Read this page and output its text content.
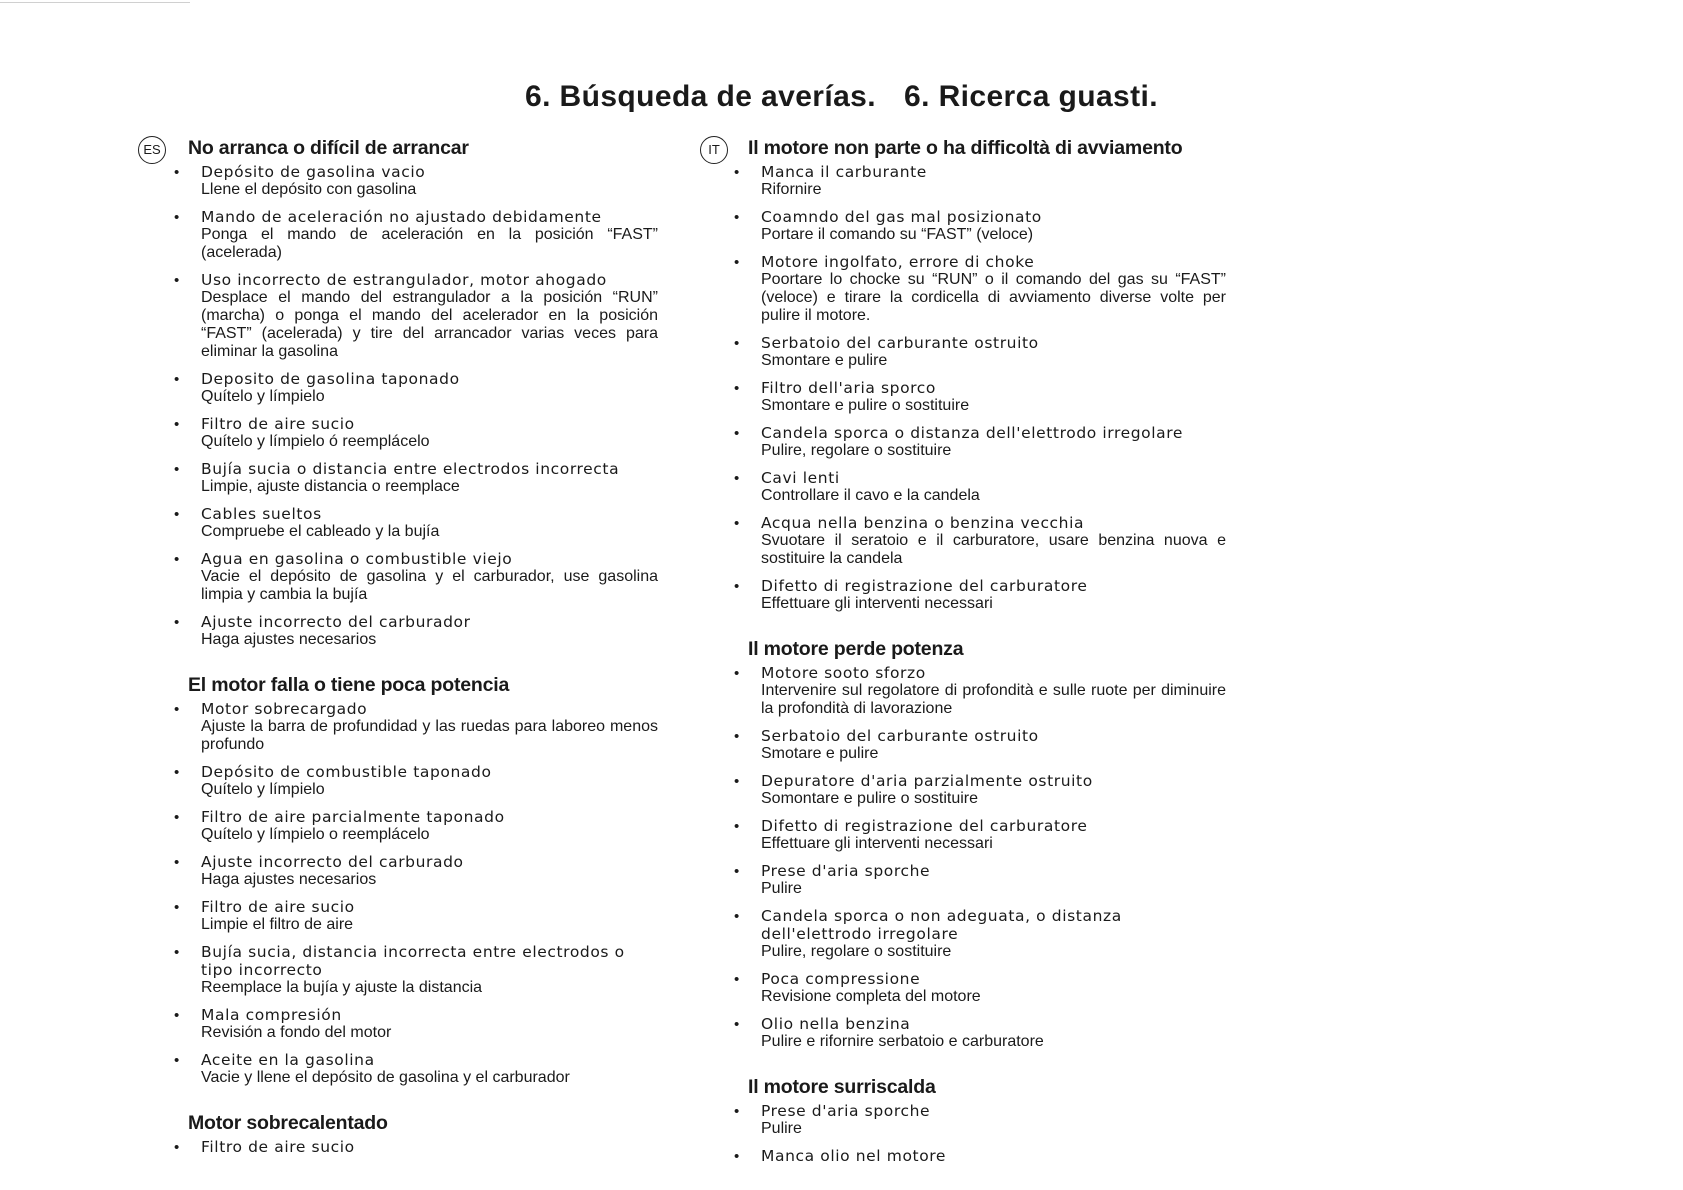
6. Búsqueda de averías. 6. Ricerca guasti.
ES No arranca o difícil de arrancar
• Depósito de gasolina vacio
Llene el depósito con gasolina
• Mando de aceleración no ajustado debidamente
Ponga el mando de aceleración en la posición “FAST” (acelerada)
• Uso incorrecto de estrangulador, motor ahogado
Desplace el mando del estrangulador a la posición “RUN” (marcha) o ponga el mando del acelerador en la posición “FAST” (acelerada) y tire del arrancador varias veces para eliminar la gasolina
• Deposito de gasolina taponado
Quítelo y límpielo
• Filtro de aire sucio
Quítelo y límpielo ó reemplácelo
• Bujía sucia o distancia entre electrodos incorrecta
Limpie, ajuste distancia o reemplace
• Cables sueltos
Compruebe el cableado y la bujía
• Agua en gasolina o combustible viejo
Vacie el depósito de gasolina y el carburador, use gasolina limpia y cambia la bujía
• Ajuste incorrecto del carburador
Haga ajustes necesarios
El motor falla o tiene poca potencia
• Motor sobrecargado
Ajuste la barra de profundidad y las ruedas para laboreo menos profundo
• Depósito de combustible taponado
Quítelo y límpielo
• Filtro de aire parcialmente taponado
Quítelo y límpielo o reemplácelo
• Ajuste incorrecto del carburado
Haga ajustes necesarios
• Filtro de aire sucio
Limpie el filtro de aire
• Bujía sucia, distancia incorrecta entre electrodos o tipo incorrecto
Reemplace la bujía y ajuste la distancia
• Mala compresión
Revisión a fondo del motor
• Aceite en la gasolina
Vacie y llene el depósito de gasolina y el carburador
Motor sobrecalentado
• Filtro de aire sucio
IT	Il motore non parte o ha difficoltà di avviamento
• Manca il carburante
Rifornire
• Coamndo del gas mal posizionato
Portare il comando su “FAST” (veloce)
• Motore ingolfato, errore di choke
Poortare lo chocke su “RUN” o il comando del gas su “FAST” (veloce) e tirare la cordicella di avviamento diverse volte per pulire il motore.
• Serbatoio del carburante ostruito
Smontare e pulire
• Filtro dell'aria sporco
Smontare e pulire o sostituire
• Candela sporca o distanza dell'elettrodo irregolare
Pulire, regolare o sostituire
• Cavi lenti
Controllare il cavo e la candela
• Acqua nella benzina o benzina vecchia
Svuotare il seratoio e il carburatore, usare benzina nuova e sostituire la candela
• Difetto di registrazione del carburatore
Effettuare gli interventi necessari
Il motore perde potenza
• Motore sooto sforzo
Intervenire sul regolatore di profondità e sulle ruote per diminuire la profondità di lavorazione
• Serbatoio del carburante ostruito
Smotare e pulire
• Depuratore d'aria parzialmente ostruito
Somontare e pulire o sostituire
• Difetto di registrazione del carburatore
Effettuare gli interventi necessari
• Prese d'aria sporche
Pulire
• Candela sporca o non adeguata, o distanza dell'elettrodo irregolare
Pulire, regolare o sostituire
• Poca compressione
Revisione completa del motore
• Olio nella benzina
Pulire e rifornire serbatoio e carburatore
Il motore surriscalda
• Prese d'aria sporche
Pulire
• Manca olio nel motore
